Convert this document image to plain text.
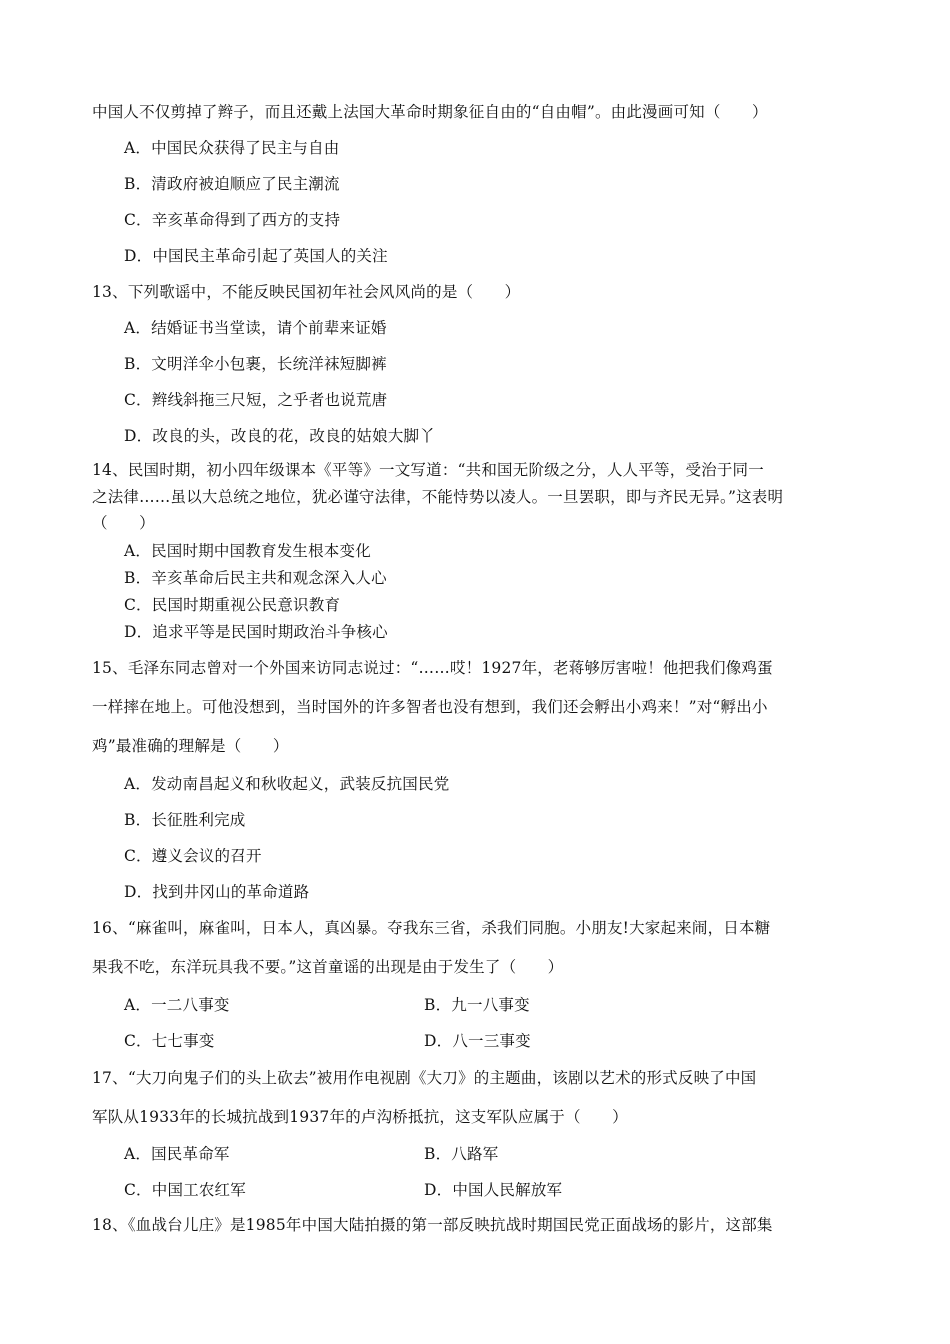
中国人不仅剪掉了辫子，而且还戴上法国大革命时期象征自由的“自由帽”。由此漫画可知（　　）
A．中国民众获得了民主与自由
B．清政府被迫顺应了民主潮流
C．辛亥革命得到了西方的支持
D．中国民主革命引起了英国人的关注
13、下列歌谣中，不能反映民国初年社会风风尚的是（　　）
A．结婚证书当堂读，请个前辈来证婚
B．文明洋伞小包裹，长统洋袜短脚裤
C．辫线斜拖三尺短，之乎者也说荒唐
D．改良的头，改良的花，改良的姑娘大脚丫
14、民国时期，初小四年级课本《平等》一文写道：“共和国无阶级之分，人人平等，受治于同一
之法律……虽以大总统之地位，犹必谨守法律，不能恃势以凌人。一旦罢职，即与齐民无异。”这表明
（　　）
A．民国时期中国教育发生根本变化
B．辛亥革命后民主共和观念深入人心
C．民国时期重视公民意识教育
D．追求平等是民国时期政治斗争核心
15、毛泽东同志曾对一个外国来访同志说过：“……哎！1927年，老蒋够厉害啦！他把我们像鸡蛋
一样摔在地上。可他没想到，当时国外的许多智者也没有想到，我们还会孵出小鸡来！”对“孵出小
鸡”最准确的理解是（　　）
A．发动南昌起义和秋收起义，武装反抗国民党
B．长征胜利完成
C．遵义会议的召开
D．找到井冈山的革命道路
16、“麻雀叫，麻雀叫，日本人，真凶暴。夺我东三省，杀我们同胞。小朋友!大家起来闹，日本糖
果我不吃，东洋玩具我不要。”这首童谣的出现是由于发生了（　　）
A．一二八事变	B．九一八事变
C．七七事变	D．八一三事变
17、“大刀向鬼子们的头上砍去”被用作电视剧《大刀》的主题曲，该剧以艺术的形式反映了中国
军队从1933年的长城抗战到1937年的卢沟桥抵抗，这支军队应属于（　　）
A．国民革命军	B．八路军
C．中国工农红军	D．中国人民解放军
18、《血战台儿庄》是1985年中国大陆拍摄的第一部反映抗战时期国民党正面战场的影片，这部集
